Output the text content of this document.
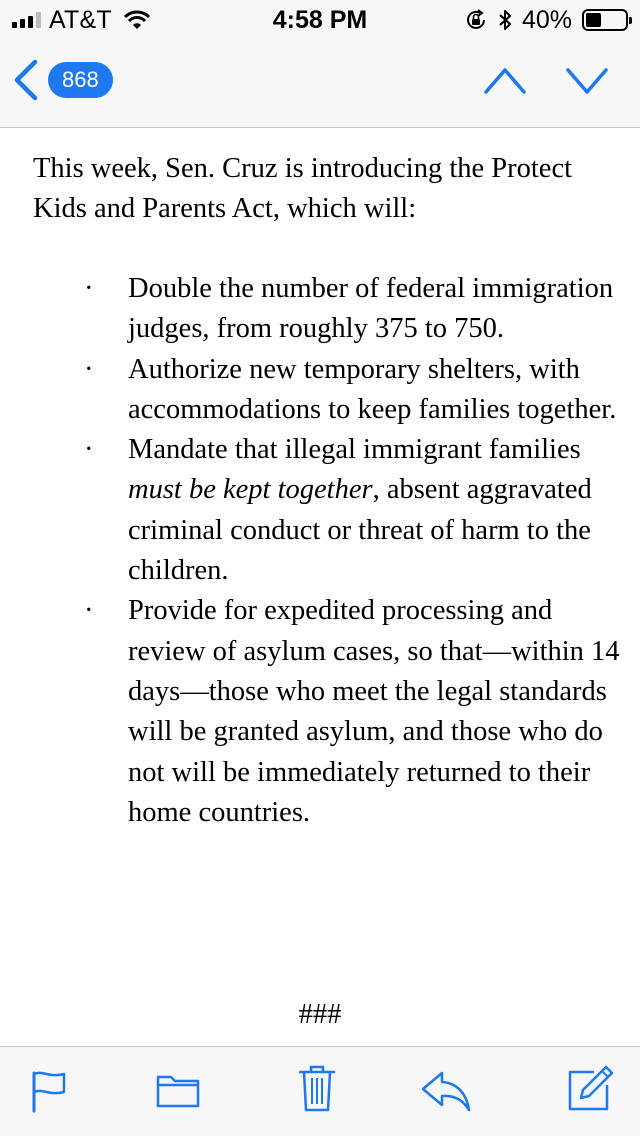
AT&T	4:58 PM	40%
868

This week, Sen. Cruz is introducing the Protect Kids and Parents Act, which will:

· Double the number of federal immigration judges, from roughly 375 to 750.
· Authorize new temporary shelters, with accommodations to keep families together.
· Mandate that illegal immigrant families must be kept together, absent aggravated criminal conduct or threat of harm to the children.
· Provide for expedited processing and review of asylum cases, so that—within 14 days—those who meet the legal standards will be granted asylum, and those who do not will be immediately returned to their home countries.
###
